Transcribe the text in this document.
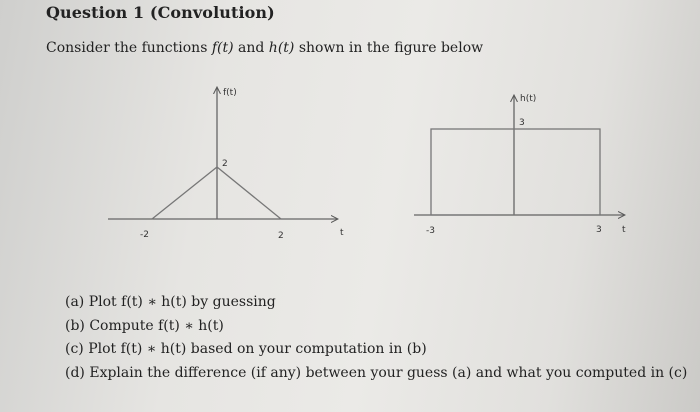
Question 1 (Convolution)
Consider the functions f(t) and h(t) shown in the figure below
f(t)
2
-2	2	t
h(t)
3
-3	3 t
(a) Plot f(t) ∗ h(t) by guessing
(b) Compute f(t) ∗ h(t)
(c) Plot f(t) ∗ h(t) based on your computation in (b)
(d) Explain the difference (if any) between your guess (a) and what you computed in (c)
